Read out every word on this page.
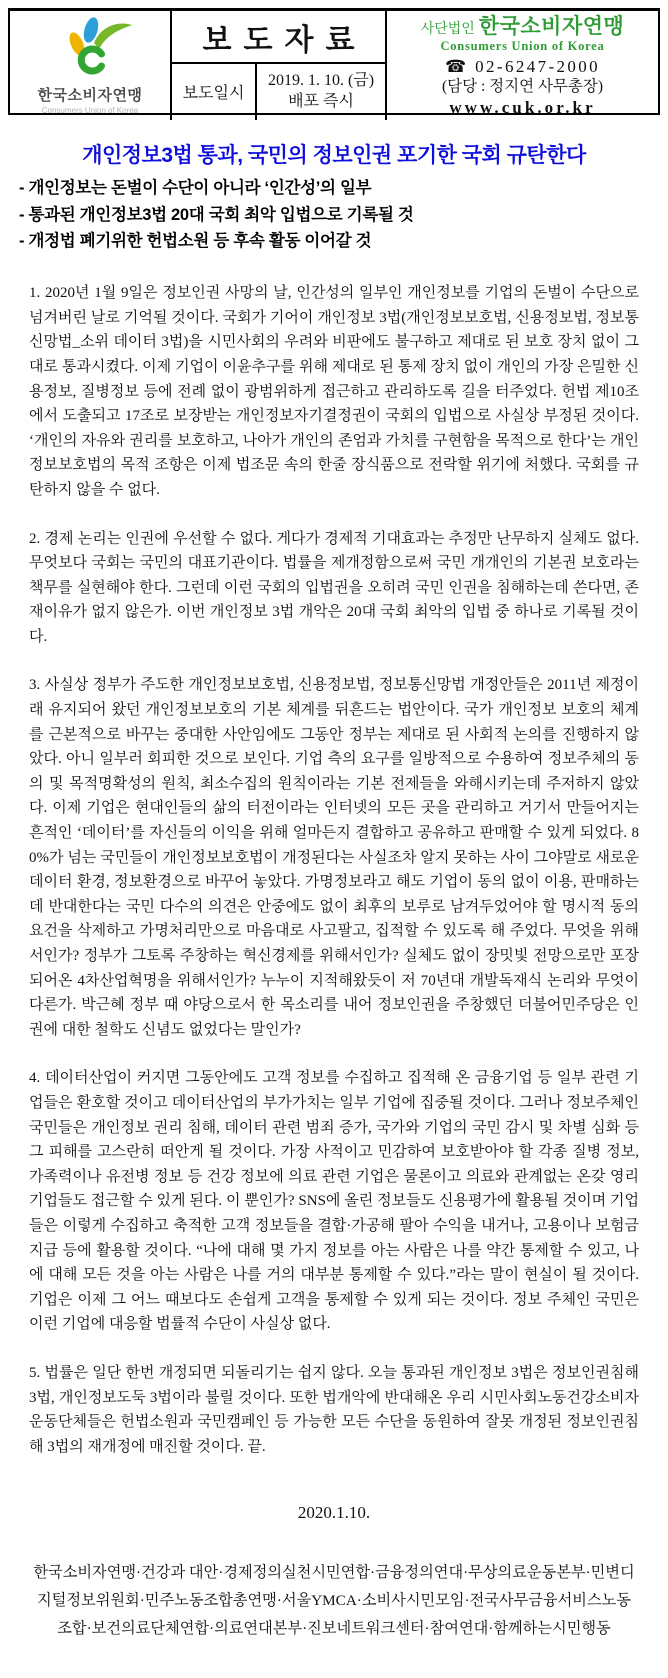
한국소비자연맹
Consumers Union of Korea
보도자료
보도일시
2019. 1. 10. (금)
배포 즉시
사단법인 한국소비자연맹
Consumers Union of Korea
☎ 02-6247-2000
(담당 : 정지연 사무총장)
www.cuk.or.kr
개인정보3법 통과, 국민의 정보인권 포기한 국회 규탄한다
- 개인정보는 돈벌이 수단이 아니라 ‘인간성’의 일부
- 통과된 개인정보3법 20대 국회 최악 입법으로 기록될 것
- 개정법 폐기위한 헌법소원 등 후속 활동 이어갈 것

1. 2020년 1월 9일은 정보인권 사망의 날, 인간성의 일부인 개인정보를 기업의 돈벌이 수단으로 넘겨버린 날로 기억될 것이다. 국회가 기어이 개인정보 3법(개인정보보호법, 신용정보법, 정보통신망법_소위 데이터 3법)을 시민사회의 우려와 비판에도 불구하고 제대로 된 보호 장치 없이 그대로 통과시켰다. 이제 기업이 이윤추구를 위해 제대로 된 통제 장치 없이 개인의 가장 은밀한 신용정보, 질병정보 등에 전례 없이 광범위하게 접근하고 관리하도록 길을 터주었다. 헌법 제10조에서 도출되고 17조로 보장받는 개인정보자기결정권이 국회의 입법으로 사실상 부정된 것이다. ‘개인의 자유와 권리를 보호하고, 나아가 개인의 존엄과 가치를 구현함을 목적으로 한다’는 개인정보보호법의 목적 조항은 이제 법조문 속의 한줄 장식품으로 전락할 위기에 처했다. 국회를 규탄하지 않을 수 없다.

2. 경제 논리는 인권에 우선할 수 없다. 게다가 경제적 기대효과는 추정만 난무하지 실체도 없다. 무엇보다 국회는 국민의 대표기관이다. 법률을 제개정함으로써 국민 개개인의 기본권 보호라는 책무를 실현해야 한다. 그런데 이런 국회의 입법권을 오히려 국민 인권을 침해하는데 쓴다면, 존재이유가 없지 않은가. 이번 개인정보 3법 개악은 20대 국회 최악의 입법 중 하나로 기록될 것이다.

3. 사실상 정부가 주도한 개인정보보호법, 신용정보법, 정보통신망법 개정안들은 2011년 제정이래 유지되어 왔던 개인정보보호의 기본 체계를 뒤흔드는 법안이다. 국가 개인정보 보호의 체계를 근본적으로 바꾸는 중대한 사안임에도 그동안 정부는 제대로 된 사회적 논의를 진행하지 않았다. 아니 일부러 회피한 것으로 보인다. 기업 측의 요구를 일방적으로 수용하여 정보주체의 동의 및 목적명확성의 원칙, 최소수집의 원칙이라는 기본 전제들을 와해시키는데 주저하지 않았다. 이제 기업은 현대인들의 삶의 터전이라는 인터넷의 모든 곳을 관리하고 거기서 만들어지는 흔적인 ‘데이터’를 자신들의 이익을 위해 얼마든지 결합하고 공유하고 판매할 수 있게 되었다. 80%가 넘는 국민들이 개인정보보호법이 개정된다는 사실조차 알지 못하는 사이 그야말로 새로운 데이터 환경, 정보환경으로 바꾸어 놓았다. 가명정보라고 해도 기업이 동의 없이 이용, 판매하는데 반대한다는 국민 다수의 의견은 안중에도 없이 최후의 보루로 남겨두었어야 할 명시적 동의 요건을 삭제하고 가명처리만으로 마음대로 사고팔고, 집적할 수 있도록 해 주었다. 무엇을 위해서인가? 정부가 그토록 주창하는 혁신경제를 위해서인가? 실체도 없이 장밋빛 전망으로만 포장되어온 4차산업혁명을 위해서인가? 누누이 지적해왔듯이 저 70년대 개발독재식 논리와 무엇이 다른가. 박근혜 정부 때 야당으로서 한 목소리를 내어 정보인권을 주창했던 더불어민주당은 인권에 대한 철학도 신념도 없었다는 말인가?

4. 데이터산업이 커지면 그동안에도 고객 정보를 수집하고 집적해 온 금융기업 등 일부 관련 기업들은 환호할 것이고 데이터산업의 부가가치는 일부 기업에 집중될 것이다. 그러나 정보주체인 국민들은 개인정보 권리 침해, 데이터 관련 범죄 증가, 국가와 기업의 국민 감시 및 차별 심화 등 그 피해를 고스란히 떠안게 될 것이다. 가장 사적이고 민감하여 보호받아야 할 각종 질병 정보, 가족력이나 유전병 정보 등 건강 정보에 의료 관련 기업은 물론이고 의료와 관계없는 온갖 영리기업들도 접근할 수 있게 된다. 이 뿐인가? SNS에 올린 정보들도 신용평가에 활용될 것이며 기업들은 이렇게 수집하고 축적한 고객 정보들을 결합·가공해 팔아 수익을 내거나, 고용이나 보험금 지급 등에 활용할 것이다. “나에 대해 몇 가지 정보를 아는 사람은 나를 약간 통제할 수 있고, 나에 대해 모든 것을 아는 사람은 나를 거의 대부분 통제할 수 있다.”라는 말이 현실이 될 것이다. 기업은 이제 그 어느 때보다도 손쉽게 고객을 통제할 수 있게 되는 것이다. 정보 주체인 국민은 이런 기업에 대응할 법률적 수단이 사실상 없다.

5. 법률은 일단 한번 개정되면 되돌리기는 쉽지 않다. 오늘 통과된 개인정보 3법은 정보인권침해 3법, 개인정보도둑 3법이라 불릴 것이다. 또한 법개악에 반대해온 우리 시민사회노동건강소비자운동단체들은 헌법소원과 국민캠페인 등 가능한 모든 수단을 동원하여 잘못 개정된 정보인권침해 3법의 재개정에 매진할 것이다. 끝.

2020.1.10.
한국소비자연맹·건강과 대안·경제정의실천시민연합·금융정의연대·무상의료운동본부·민변디지털정보위원회·민주노동조합총연맹·서울YMCA·소비사시민모임·전국사무금융서비스노동조합·보건의료단체연합·의료연대본부·진보네트워크센터·참여연대·함께하는시민행동
